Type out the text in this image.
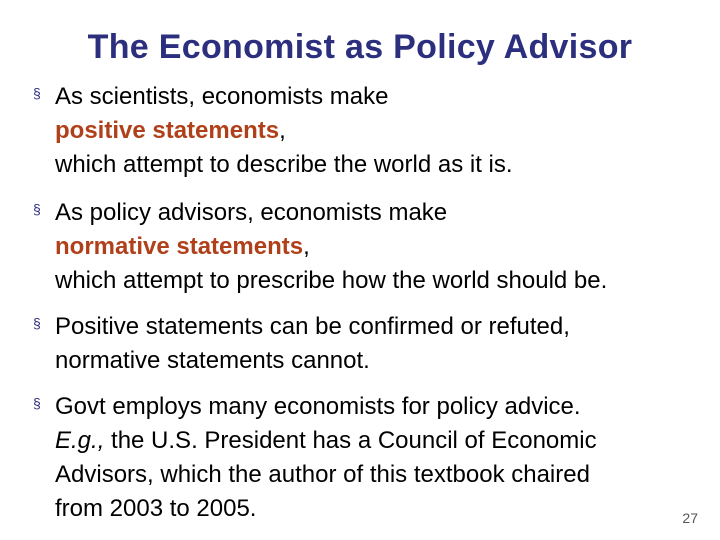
The Economist as Policy Advisor
§ As scientists, economists make
positive statements,
which attempt to describe the world as it is.
§ As policy advisors, economists make
normative statements,
which attempt to prescribe how the world should be.
§ Positive statements can be confirmed or refuted,
normative statements cannot.
§ Govt employs many economists for policy advice.
E.g., the U.S. President has a Council of Economic
Advisors, which the author of this textbook chaired
from 2003 to 2005.	27
